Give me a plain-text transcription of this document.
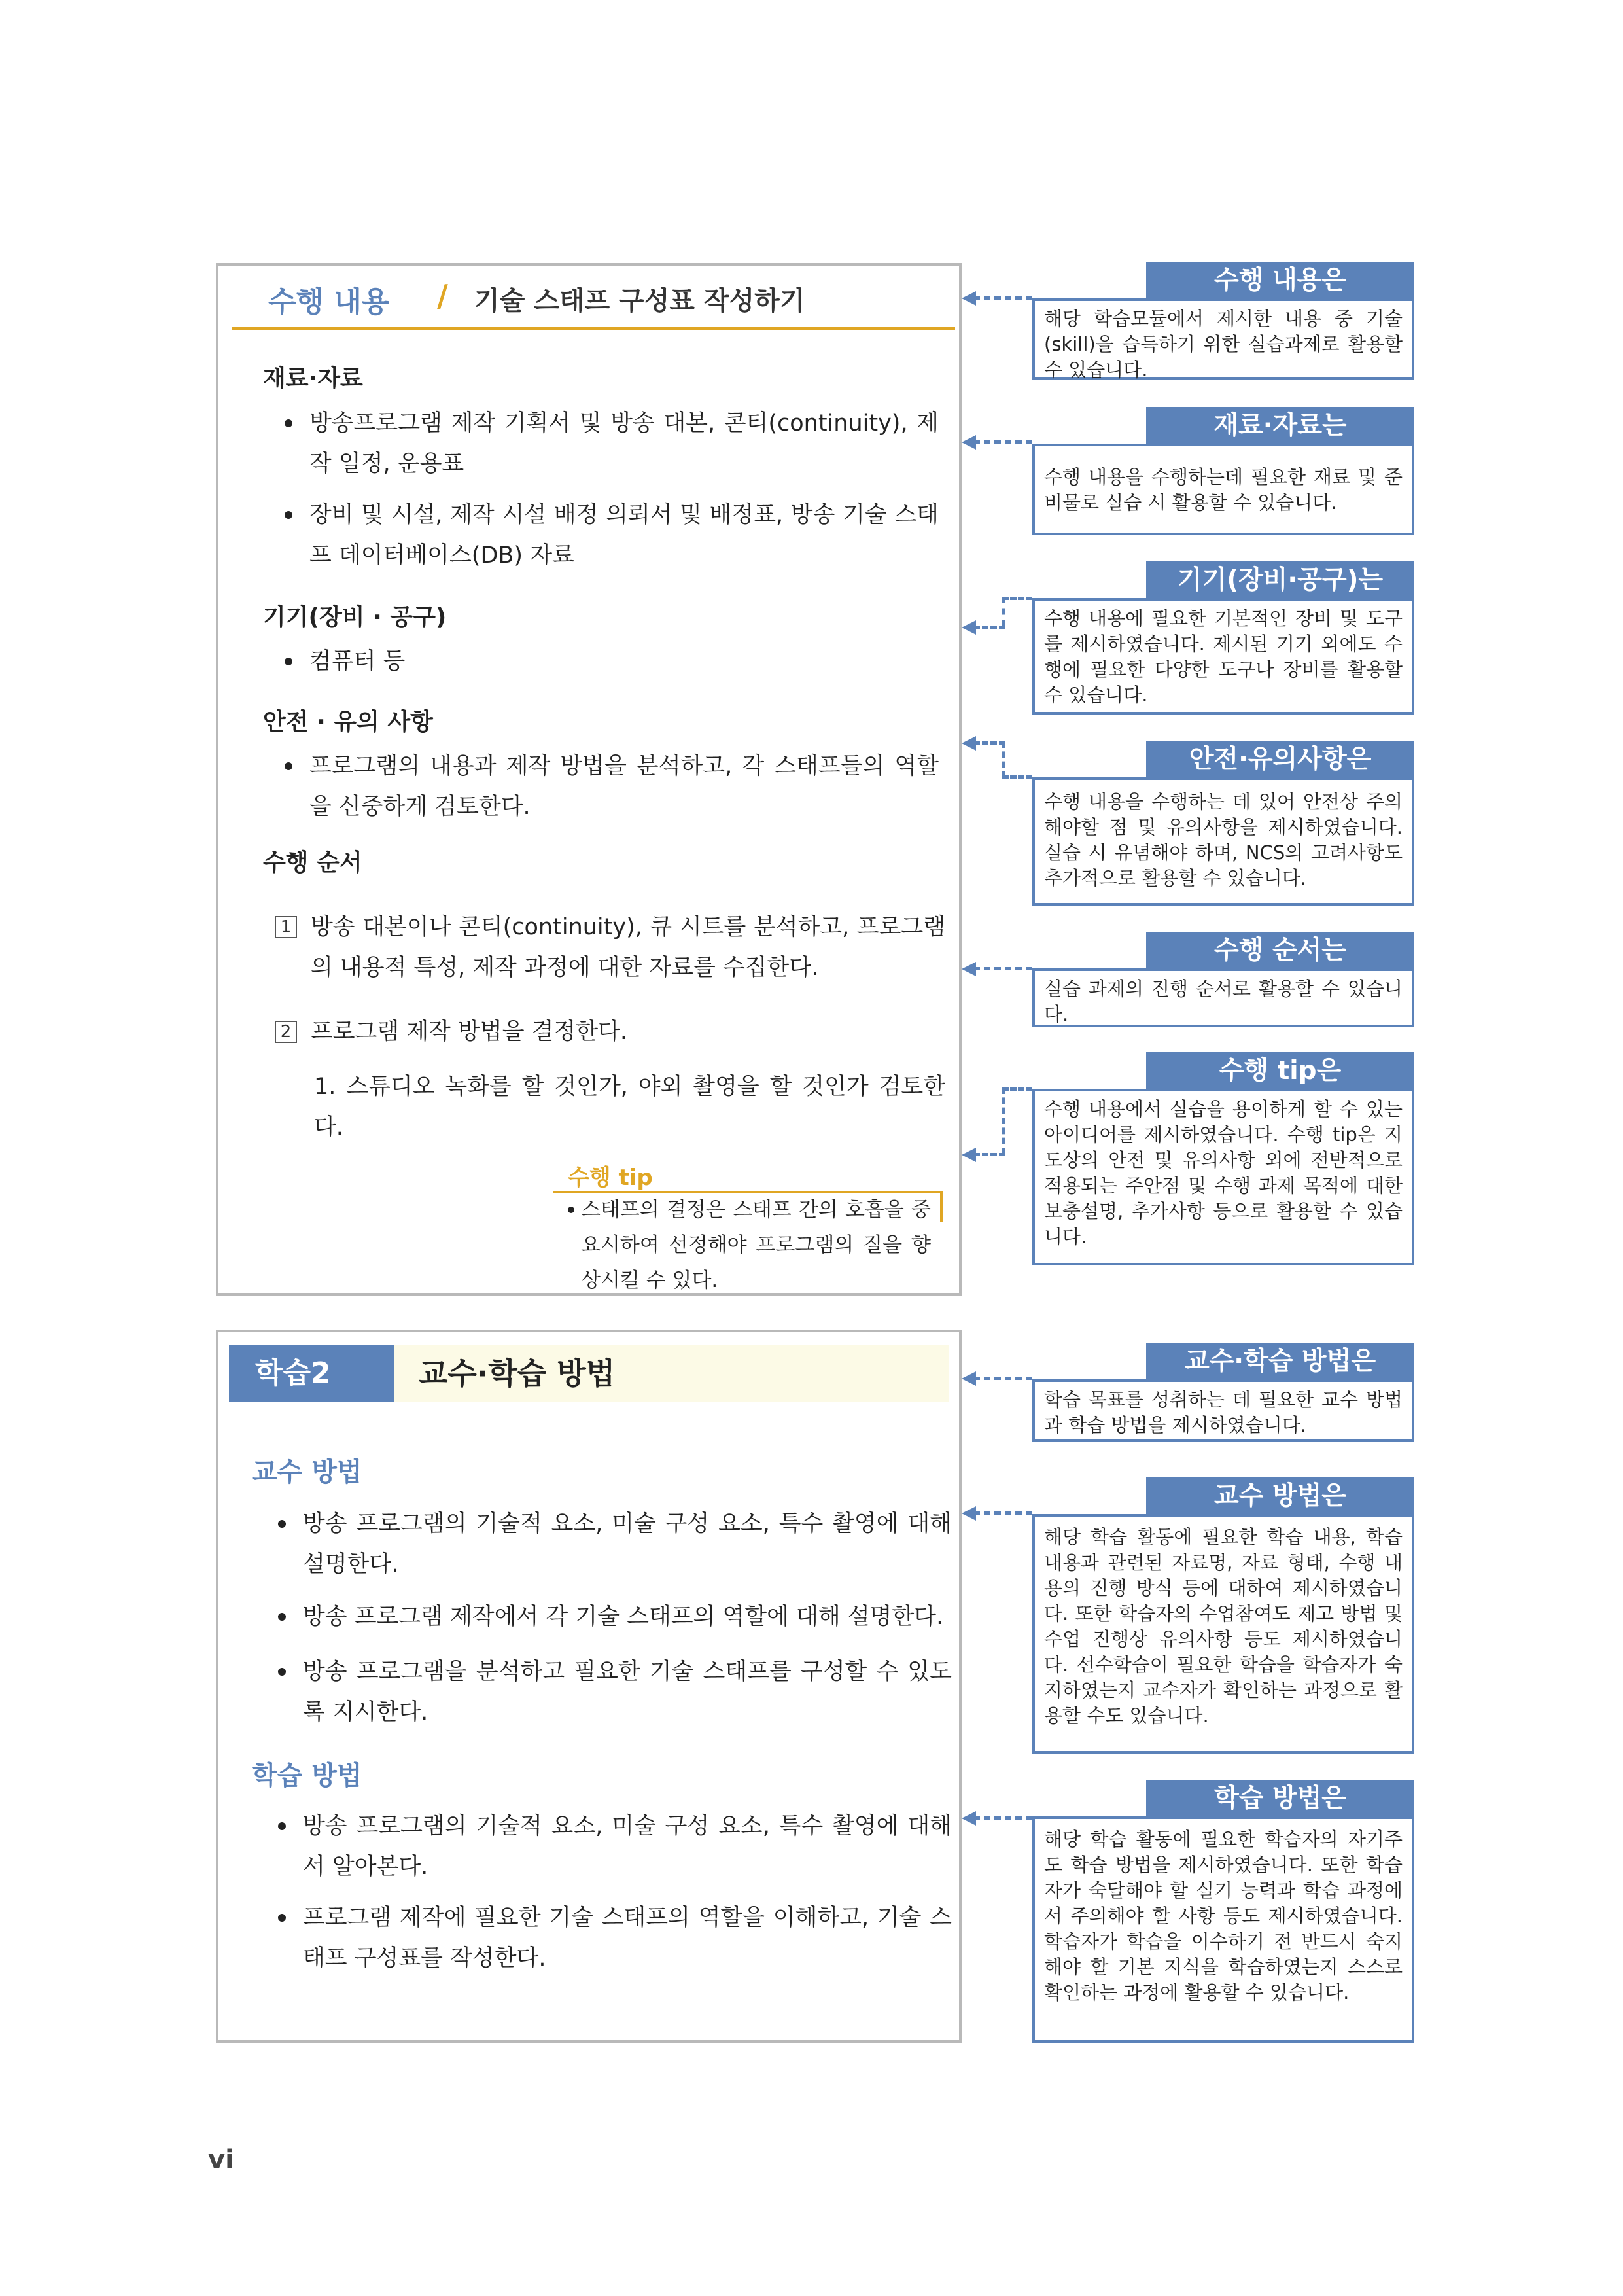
수행 내용 / 기술 스태프 구성표 작성하기
재료·자료
방송프로그램 제작 기획서 및 방송 대본, 콘티(continuity), 제작 일정, 운용표
장비 및 시설, 제작 시설 배정 의뢰서 및 배정표, 방송 기술 스태프 데이터베이스(DB) 자료
기기(장비 · 공구)
컴퓨터 등
안전 · 유의 사항
프로그램의 내용과 제작 방법을 분석하고, 각 스태프들의 역할을 신중하게 검토한다.
수행 순서
1 방송 대본이나 콘티(continuity), 큐 시트를 분석하고, 프로그램의 내용적 특성, 제작 과정에 대한 자료를 수집한다.
2 프로그램 제작 방법을 결정한다.
1. 스튜디오 녹화를 할 것인가, 야외 촬영을 할 것인가 검토한다.
수행 tip
스태프의 결정은 스태프 간의 호흡을 중요시하여 선정해야 프로그램의 질을 향상시킬 수 있다.
학습2	교수·학습 방법
교수 방법
방송 프로그램의 기술적 요소, 미술 구성 요소, 특수 촬영에 대해 설명한다.
방송 프로그램 제작에서 각 기술 스태프의 역할에 대해 설명한다.
방송 프로그램을 분석하고 필요한 기술 스태프를 구성할 수 있도록 지시한다.
학습 방법
방송 프로그램의 기술적 요소, 미술 구성 요소, 특수 촬영에 대해서 알아본다.
프로그램 제작에 필요한 기술 스태프의 역할을 이해하고, 기술 스태프 구성표를 작성한다.
수행 내용은
해당 학습모듈에서 제시한 내용 중 기술(skill)을 습득하기 위한 실습과제로 활용할 수 있습니다.
재료·자료는
수행 내용을 수행하는데 필요한 재료 및 준비물로 실습 시 활용할 수 있습니다.
기기(장비·공구)는
수행 내용에 필요한 기본적인 장비 및 도구를 제시하였습니다. 제시된 기기 외에도 수행에 필요한 다양한 도구나 장비를 활용할 수 있습니다.
안전·유의사항은
수행 내용을 수행하는 데 있어 안전상 주의해야할 점 및 유의사항을 제시하였습니다. 실습 시 유념해야 하며, NCS의 고려사항도 추가적으로 활용할 수 있습니다.
수행 순서는
실습 과제의 진행 순서로 활용할 수 있습니다.
수행 tip은
수행 내용에서 실습을 용이하게 할 수 있는 아이디어를 제시하였습니다. 수행 tip은 지도상의 안전 및 유의사항 외에 전반적으로 적용되는 주안점 및 수행 과제 목적에 대한 보충설명, 추가사항 등으로 활용할 수 있습니다.
교수·학습 방법은
학습 목표를 성취하는 데 필요한 교수 방법과 학습 방법을 제시하였습니다.
교수 방법은
해당 학습 활동에 필요한 학습 내용, 학습 내용과 관련된 자료명, 자료 형태, 수행 내용의 진행 방식 등에 대하여 제시하였습니다. 또한 학습자의 수업참여도 제고 방법 및 수업 진행상 유의사항 등도 제시하였습니다. 선수학습이 필요한 학습을 학습자가 숙지하였는지 교수자가 확인하는 과정으로 활용할 수도 있습니다.
학습 방법은
해당 학습 활동에 필요한 학습자의 자기주도 학습 방법을 제시하였습니다. 또한 학습자가 숙달해야 할 실기 능력과 학습 과정에서 주의해야 할 사항 등도 제시하였습니다. 학습자가 학습을 이수하기 전 반드시 숙지해야 할 기본 지식을 학습하였는지 스스로 확인하는 과정에 활용할 수 있습니다.
vi
